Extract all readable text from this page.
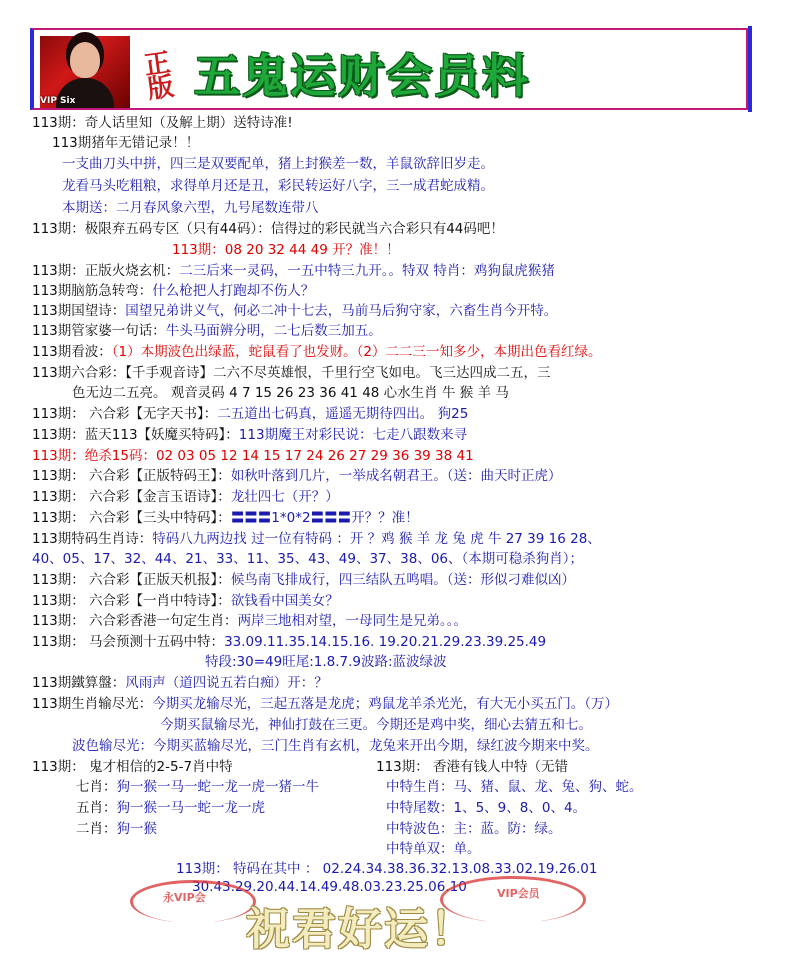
正版 五鬼运财会员料
VIP Six
113期：奇人话里知（及解上期）送特诗准!
113期猪年无错记录！！
一支曲刀头中拼，四三是双要配单，猪上封猴差一数，羊鼠欲辞旧岁走。
龙看马头吃粗粮，求得单月还是丑，彩民转运好八字，三一成君蛇成精。
本期送：二月春风象六型，九号尾数连带八
113期：极限弃五码专区（只有44码）：信得过的彩民就当六合彩只有44码吧！
113期：08 20 32 44 49 开？准！！
113期：正版火烧玄机：二三后来一灵码，一五中特三九开。。特双 特肖：鸡狗鼠虎猴猪
113期脑筋急转弯：什么枪把人打跑却不伤人？
113期国望诗：国望兄弟讲义气，何必二冲十七去，马前马后狗守家，六畜生肖今开特。
113期管家婆一句话：牛头马面辨分明，二七后数三加五。
113期看波：（1）本期波色出绿蓝，蛇鼠看了也发财。（2）二二三一知多少，本期出色看红绿。
113期六合彩：【千手观音诗】二六不尽英雄恨，千里行空飞如电。飞三达四成二五，三
色无边二五亮。 观音灵码 4 7 15 26 23 36 41 48 心水生肖 牛 猴 羊 马
113期： 六合彩【无字天书】：二五道出七码真，遥遥无期待四出。 狗25
113期：蓝天113【妖魔买特码】：113期魔王对彩民说：七走八跟数来寻
113期：绝杀15码：02 03 05 12 14 15 17 24 26 27 29 36 39 38 41
113期： 六合彩【正版特码王】：如秋叶落到几片，一举成名朝君王。（送：曲天时正虎）
113期： 六合彩【金言玉语诗】：龙壮四七（开？）
113期： 六合彩【三头中特码】：〓〓〓1*0*2〓〓〓开？？准！
113期特码生肖诗：特码八九两边找 过一位有特码 ：开 ？鸡 猴 羊 龙 兔 虎 牛 27 39 16 28、
40、05、17、32、44、21、33、11、35、43、49、37、38、06、（本期可稳杀狗肖）；
113期： 六合彩【正版天机报】：候鸟南飞排成行，四三结队五鸣唱。（送：形似刁难似凶）
113期： 六合彩【一肖中特诗】：欲钱看中国美女？
113期： 六合彩香港一句定生肖：两岸三地相对望，一母同生是兄弟。。。
113期： 马会预测十五码中特：33.09.11.35.14.15.16. 19.20.21.29.23.39.25.49
特段:30=49旺尾:1.8.7.9波路:蓝波绿波
113期鐵算盤：风雨声（道四说五若白痴）开：？
113期生肖输尽光：今期买龙输尽光，三起五落是龙虎；鸡鼠龙羊杀光光，有大无小买五门。（万）
今期买鼠输尽光，神仙打鼓在三更。今期还是鸡中奖，细心去猜五和七。
波色输尽光：今期买蓝输尽光，三门生肖有玄机，龙兔来开出今期，绿红波今期来中奖。
113期： 鬼才相信的2-5-7肖中特
七肖：狗一猴一马一蛇一龙一虎一猪一牛
五肖：狗一猴一马一蛇一龙一虎
二肖：狗一猴
113期： 香港有钱人中特（无错
中特生肖：马、猪、鼠、龙、兔、狗、蛇。
中特尾数：1、5、9、8、0、4。
中特波色：主：蓝。防：绿。
中特单双：单。
113期： 特码在其中 ： 02.24.34.38.36.32.13.08.33.02.19.26.01
30.43.29.20.44.14.49.48.03.23.25.06.10
永VIP会	VIP会员
祝君好运！
